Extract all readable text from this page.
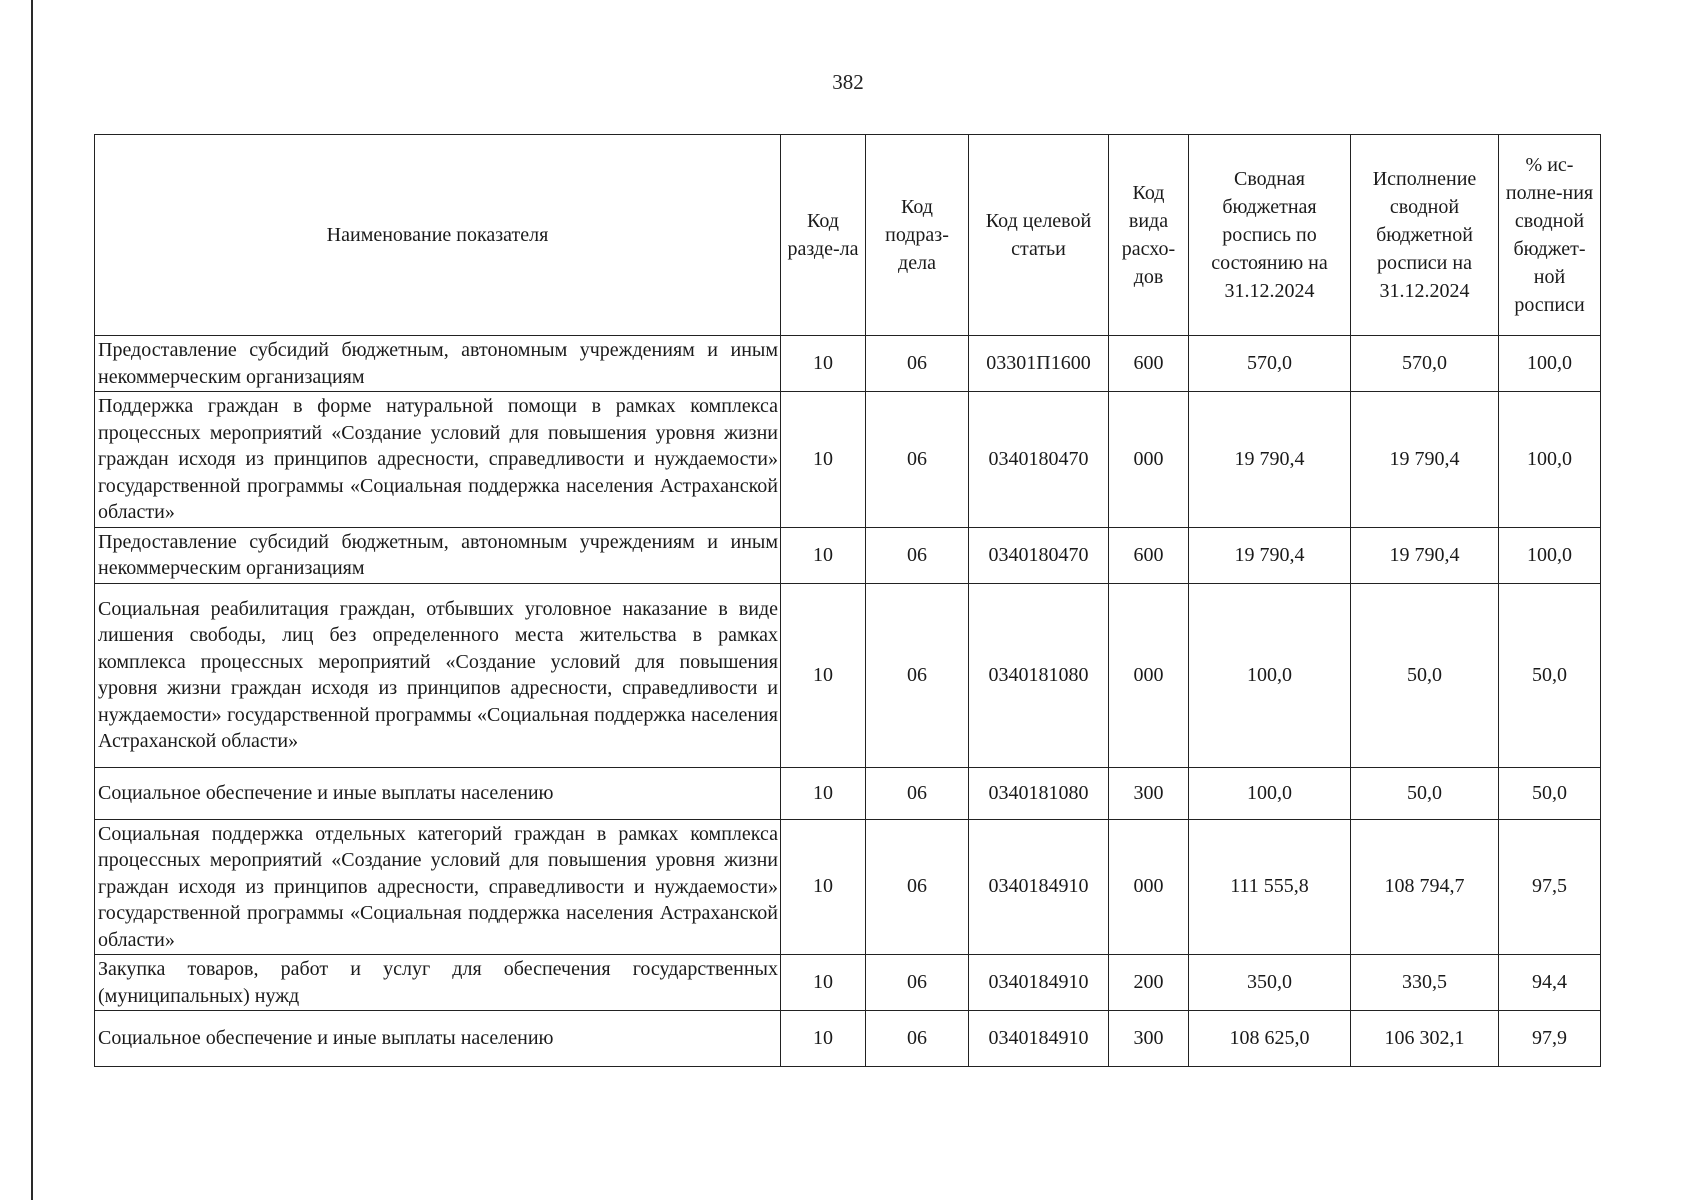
382
Наименование показателя	Код разде-ла	Код подраз-дела	Код целевой статьи	Код вида расхо-дов	Сводная бюджетная роспись по состоянию на 31.12.2024	Исполнение сводной бюджетной росписи на 31.12.2024	% ис-полне-ния сводной бюджет-ной росписи
Предоставление субсидий бюджетным, автономным учреждениям и иным некоммерческим организациям	10	06	03301П1600	600	570,0	570,0	100,0
Поддержка граждан в форме натуральной помощи в рамках комплекса процессных мероприятий «Создание условий для повышения уровня жизни граждан исходя из принципов адресности, справедливости и нуждаемости» государственной программы «Социальная поддержка населения Астраханской области»	10	06	0340180470	000	19 790,4	19 790,4	100,0
Предоставление субсидий бюджетным, автономным учреждениям и иным некоммерческим организациям	10	06	0340180470	600	19 790,4	19 790,4	100,0
Социальная реабилитация граждан, отбывших уголовное наказание в виде лишения свободы, лиц без определенного места жительства в рамках комплекса процессных мероприятий «Создание условий для повышения уровня жизни граждан исходя из принципов адресности, справедливости и нуждаемости» государственной программы «Социальная поддержка населения Астраханской области»	10	06	0340181080	000	100,0	50,0	50,0
Социальное обеспечение и иные выплаты населению	10	06	0340181080	300	100,0	50,0	50,0
Социальная поддержка отдельных категорий граждан в рамках комплекса процессных мероприятий «Создание условий для повышения уровня жизни граждан исходя из принципов адресности, справедливости и нуждаемости» государственной программы «Социальная поддержка населения Астраханской области»	10	06	0340184910	000	111 555,8	108 794,7	97,5
Закупка товаров, работ и услуг для обеспечения государственных (муниципальных) нужд	10	06	0340184910	200	350,0	330,5	94,4
Социальное обеспечение и иные выплаты населению	10	06	0340184910	300	108 625,0	106 302,1	97,9
